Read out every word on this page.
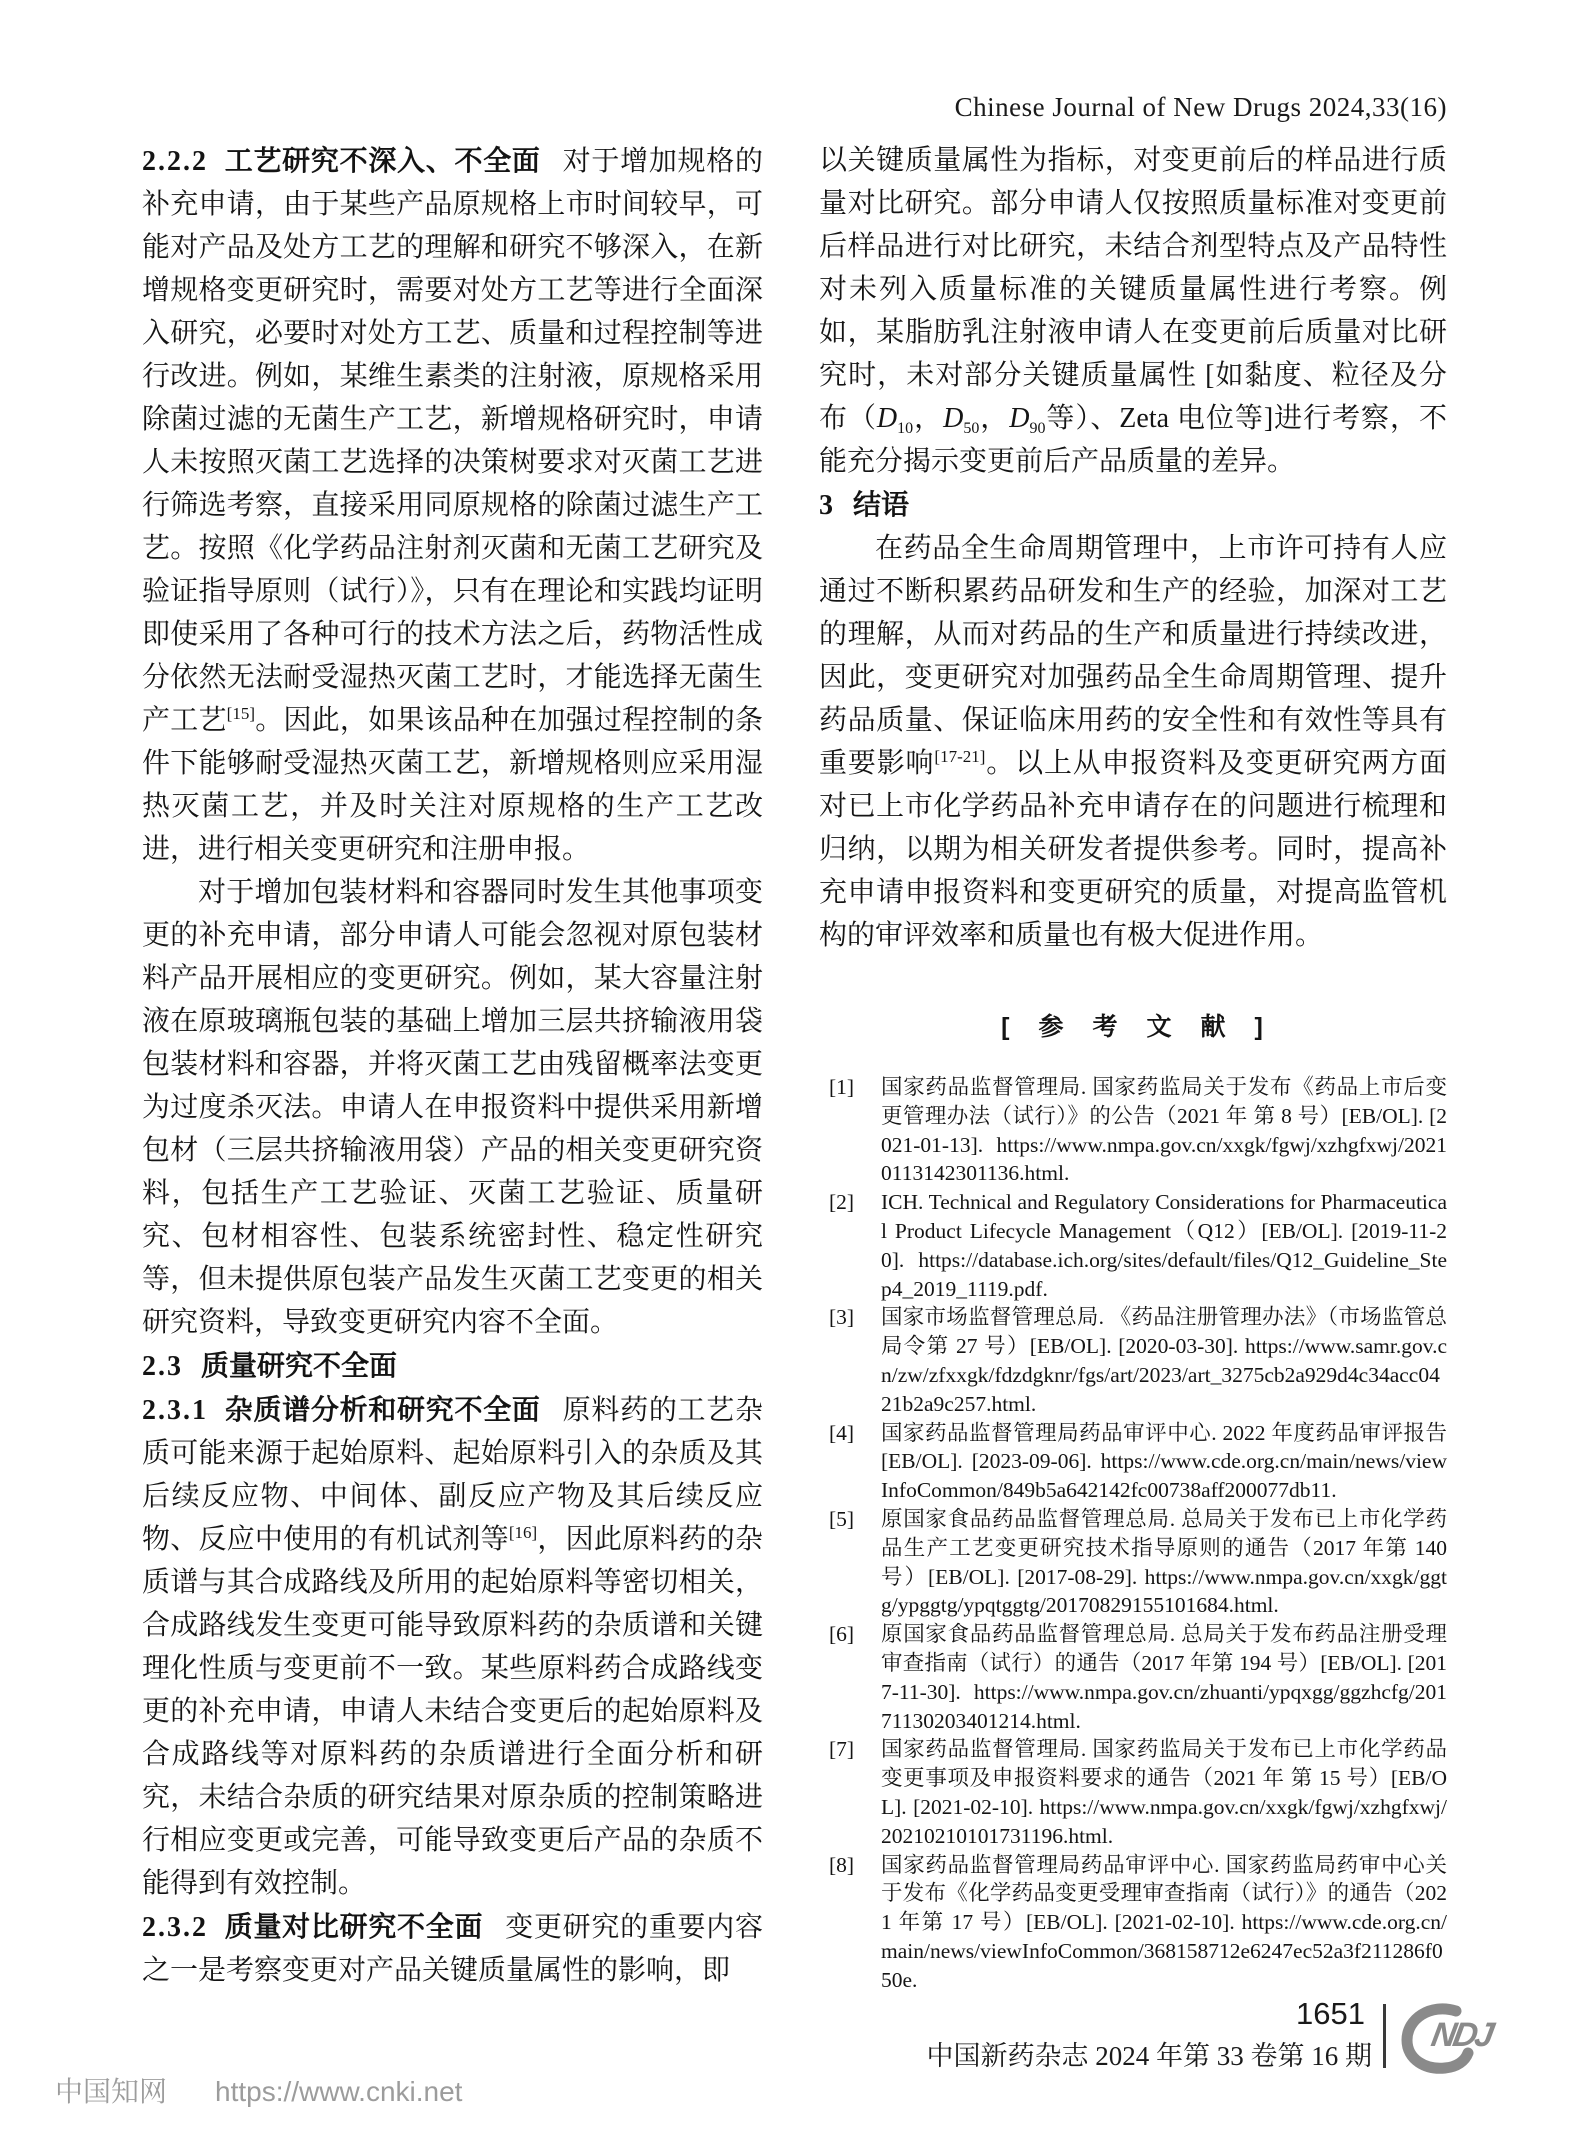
Chinese Journal of New Drugs 2024,33(16)

2.2.2 工艺研究不深入、不全面 对于增加规格的补充申请，由于某些产品原规格上市时间较早，可能对产品及处方工艺的理解和研究不够深入，在新增规格变更研究时，需要对处方工艺等进行全面深入研究，必要时对处方工艺、质量和过程控制等进行改进。例如，某维生素类的注射液，原规格采用除菌过滤的无菌生产工艺，新增规格研究时，申请人未按照灭菌工艺选择的决策树要求对灭菌工艺进行筛选考察，直接采用同原规格的除菌过滤生产工艺。按照《化学药品注射剂灭菌和无菌工艺研究及验证指导原则（试行）》，只有在理论和实践均证明即使采用了各种可行的技术方法之后，药物活性成分依然无法耐受湿热灭菌工艺时，才能选择无菌生产工艺[15]。因此，如果该品种在加强过程控制的条件下能够耐受湿热灭菌工艺，新增规格则应采用湿热灭菌工艺，并及时关注对原规格的生产工艺改进，进行相关变更研究和注册申报。

对于增加包装材料和容器同时发生其他事项变更的补充申请，部分申请人可能会忽视对原包装材料产品开展相应的变更研究。例如，某大容量注射液在原玻璃瓶包装的基础上增加三层共挤输液用袋包装材料和容器，并将灭菌工艺由残留概率法变更为过度杀灭法。申请人在申报资料中提供采用新增包材（三层共挤输液用袋）产品的相关变更研究资料，包括生产工艺验证、灭菌工艺验证、质量研究、包材相容性、包装系统密封性、稳定性研究等，但未提供原包装产品发生灭菌工艺变更的相关研究资料，导致变更研究内容不全面。

2.3 质量研究不全面

2.3.1 杂质谱分析和研究不全面 原料药的工艺杂质可能来源于起始原料、起始原料引入的杂质及其后续反应物、中间体、副反应产物及其后续反应物、反应中使用的有机试剂等[16]，因此原料药的杂质谱与其合成路线及所用的起始原料等密切相关，合成路线发生变更可能导致原料药的杂质谱和关键理化性质与变更前不一致。某些原料药合成路线变更的补充申请，申请人未结合变更后的起始原料及合成路线等对原料药的杂质谱进行全面分析和研究，未结合杂质的研究结果对原杂质的控制策略进行相应变更或完善，可能导致变更后产品的杂质不能得到有效控制。

2.3.2 质量对比研究不全面 变更研究的重要内容之一是考察变更对产品关键质量属性的影响，即

以关键质量属性为指标，对变更前后的样品进行质量对比研究。部分申请人仅按照质量标准对变更前后样品进行对比研究，未结合剂型特点及产品特性对未列入质量标准的关键质量属性进行考察。例如，某脂肪乳注射液申请人在变更前后质量对比研究时，未对部分关键质量属性 [如黏度、粒径及分布（$D_{10}$，$D_{50}$，$D_{90}$等）、Zeta 电位等]进行考察，不能充分揭示变更前后产品质量的差异。

3 结语

在药品全生命周期管理中，上市许可持有人应通过不断积累药品研发和生产的经验，加深对工艺的理解，从而对药品的生产和质量进行持续改进，因此，变更研究对加强药品全生命周期管理、提升药品质量、保证临床用药的安全性和有效性等具有重要影响[17-21]。以上从申报资料及变更研究两方面对已上市化学药品补充申请存在的问题进行梳理和归纳，以期为相关研发者提供参考。同时，提高补充申请申报资料和变更研究的质量，对提高监管机构的审评效率和质量也有极大促进作用。

[　参　考　文　献　]
[1]	国家药品监督管理局. 国家药监局关于发布《药品上市后变更管理办法（试行）》的公告（2021 年 第 8 号）[EB/OL]. [2021-01-13]. https://www.nmpa.gov.cn/xxgk/fgwj/xzhgfxwj/20210113142301136.html.
[2]	ICH. Technical and Regulatory Considerations for Pharmaceutical Product Lifecycle Management（Q12）[EB/OL]. [2019-11-20]. https://database.ich.org/sites/default/files/Q12_Guideline_Step4_2019_1119.pdf.
[3]	国家市场监督管理总局. 《药品注册管理办法》（市场监管总局令第 27 号）[EB/OL]. [2020-03-30]. https://www.samr.gov.cn/zw/zfxxgk/fdzdgknr/fgs/art/2023/art_3275cb2a929d4c34acc0421b2a9c257.html.
[4]	国家药品监督管理局药品审评中心. 2022 年度药品审评报告[EB/OL]. [2023-09-06]. https://www.cde.org.cn/main/news/viewInfoCommon/849b5a642142fc00738aff200077db11.
[5]	原国家食品药品监督管理总局. 总局关于发布已上市化学药品生产工艺变更研究技术指导原则的通告（2017 年第 140 号）[EB/OL]. [2017-08-29]. https://www.nmpa.gov.cn/xxgk/ggtg/ypggtg/ypqtggtg/20170829155101684.html.
[6]	原国家食品药品监督管理总局. 总局关于发布药品注册受理审查指南（试行）的通告（2017 年第 194 号）[EB/OL]. [2017-11-30]. https://www.nmpa.gov.cn/zhuanti/ypqxgg/ggzhcfg/20171130203401214.html.
[7]	国家药品监督管理局. 国家药监局关于发布已上市化学药品变更事项及申报资料要求的通告（2021 年 第 15 号）[EB/OL]. [2021-02-10]. https://www.nmpa.gov.cn/xxgk/fgwj/xzhgfxwj/20210210101731196.html.
[8]	国家药品监督管理局药品审评中心. 国家药监局药审中心关于发布《化学药品变更受理审查指南（试行）》的通告（2021 年第 17 号）[EB/OL]. [2021-02-10]. https://www.cde.org.cn/main/news/viewInfoCommon/368158712e6247ec52a3f211286f050e.
1651
中国新药杂志 2024 年第 33 卷第 16 期
NDJ
中国知网 https://www.cnki.net
